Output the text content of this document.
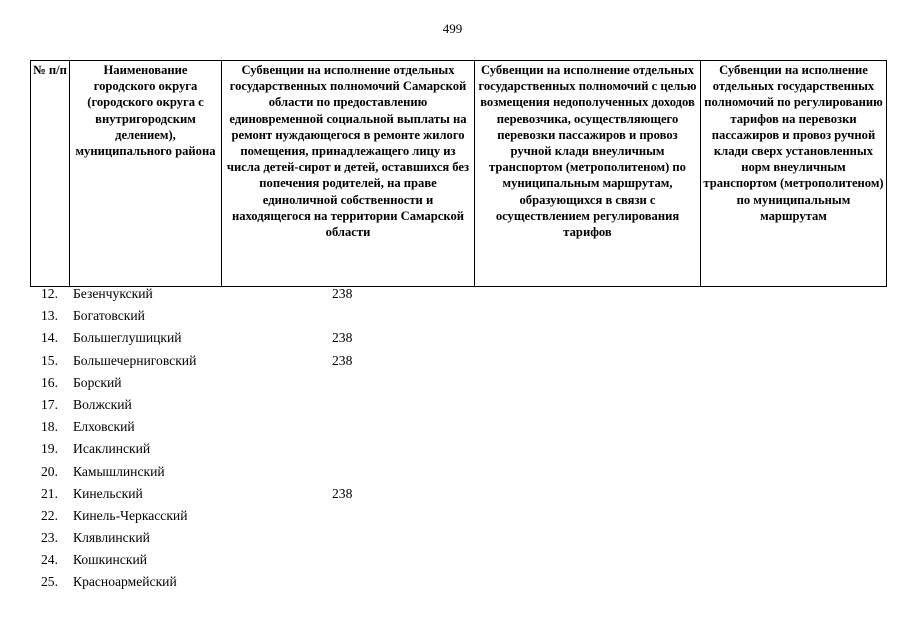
499
№ п/п	Наименование городского округа (городского округа с внутригородским делением), муниципального района	Субвенции на исполнение отдельных государственных полномочий Самарской области по предоставлению единовременной социальной выплаты на ремонт нуждающегося в ремонте жилого помещения, принадлежащего лицу из числа детей-сирот и детей, оставшихся без попечения родителей, на праве единоличной собственности и находящегося на территории Самарской области	Субвенции на исполнение отдельных государственных полномочий с целью возмещения недополученных доходов перевозчика, осуществляющего перевозки пассажиров и провоз ручной клади внеуличным транспортом (метрополитеном) по муниципальным маршрутам, образующихся в связи с осуществлением регулирования тарифов	Субвенции на исполнение отдельных государственных полномочий по регулированию тарифов на перевозки пассажиров и провоз ручной клади сверх установленных норм внеуличным транспортом (метрополитеном) по муниципальным маршрутам
12. Безенчукский	238
13. Богатовский
14. Большеглушицкий	238
15. Большечерниговский	238
16. Борский
17. Волжский
18. Елховский
19. Исаклинский
20. Камышлинский
21. Кинельский	238
22. Кинель-Черкасский
23. Клявлинский
24. Кошкинский
25. Красноармейский
